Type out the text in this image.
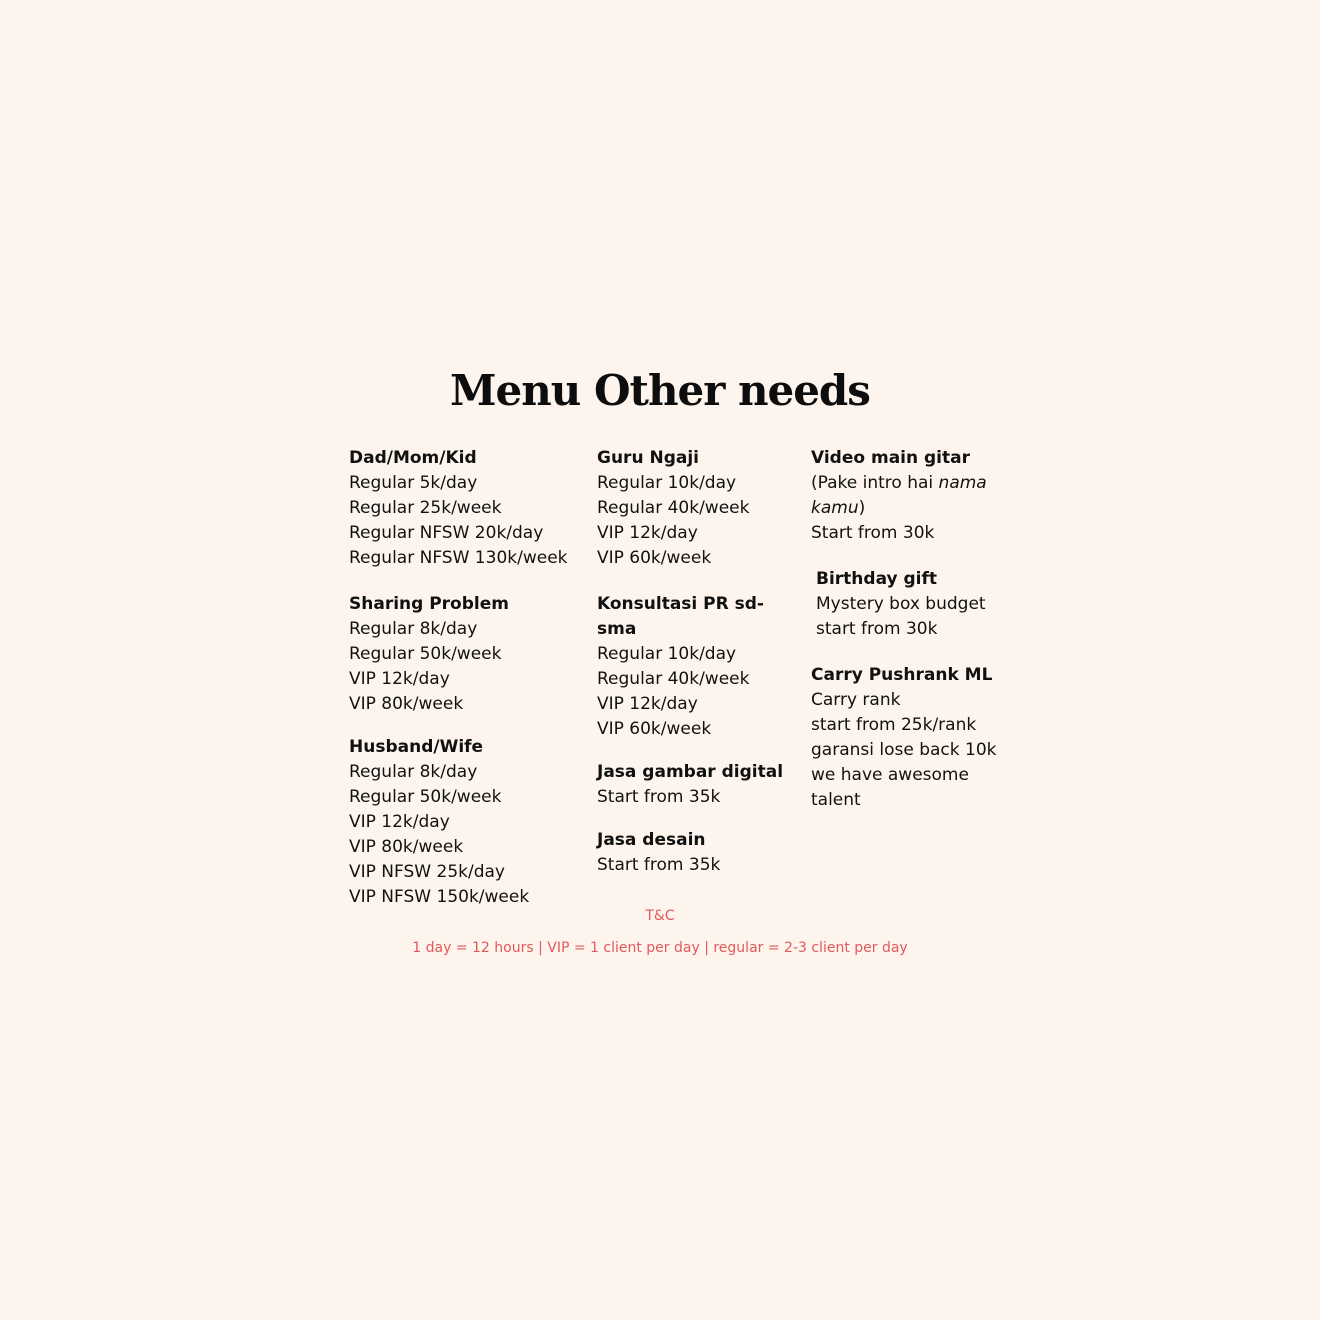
Menu Other needs
Dad/Mom/Kid
Regular 5k/day
Regular 25k/week
Regular NFSW 20k/day
Regular NFSW 130k/week
Sharing Problem
Regular 8k/day
Regular 50k/week
VIP 12k/day
VIP 80k/week
Husband/Wife
Regular 8k/day
Regular 50k/week
VIP 12k/day
VIP 80k/week
VIP NFSW 25k/day
VIP NFSW 150k/week
Guru Ngaji
Regular 10k/day
Regular 40k/week
VIP 12k/day
VIP 60k/week
Konsultasi PR sd-sma
Regular 10k/day
Regular 40k/week
VIP 12k/day
VIP 60k/week
Jasa gambar digital
Start from 35k
Jasa desain
Start from 35k
Video main gitar
(Pake intro hai nama kamu)
Start from 30k
Birthday gift
Mystery box budget
start from 30k
Carry Pushrank ML
Carry rank
start from 25k/rank
garansi lose back 10k
we have awesome talent
T&C
1 day = 12 hours | VIP = 1 client per day | regular = 2-3 client per day
